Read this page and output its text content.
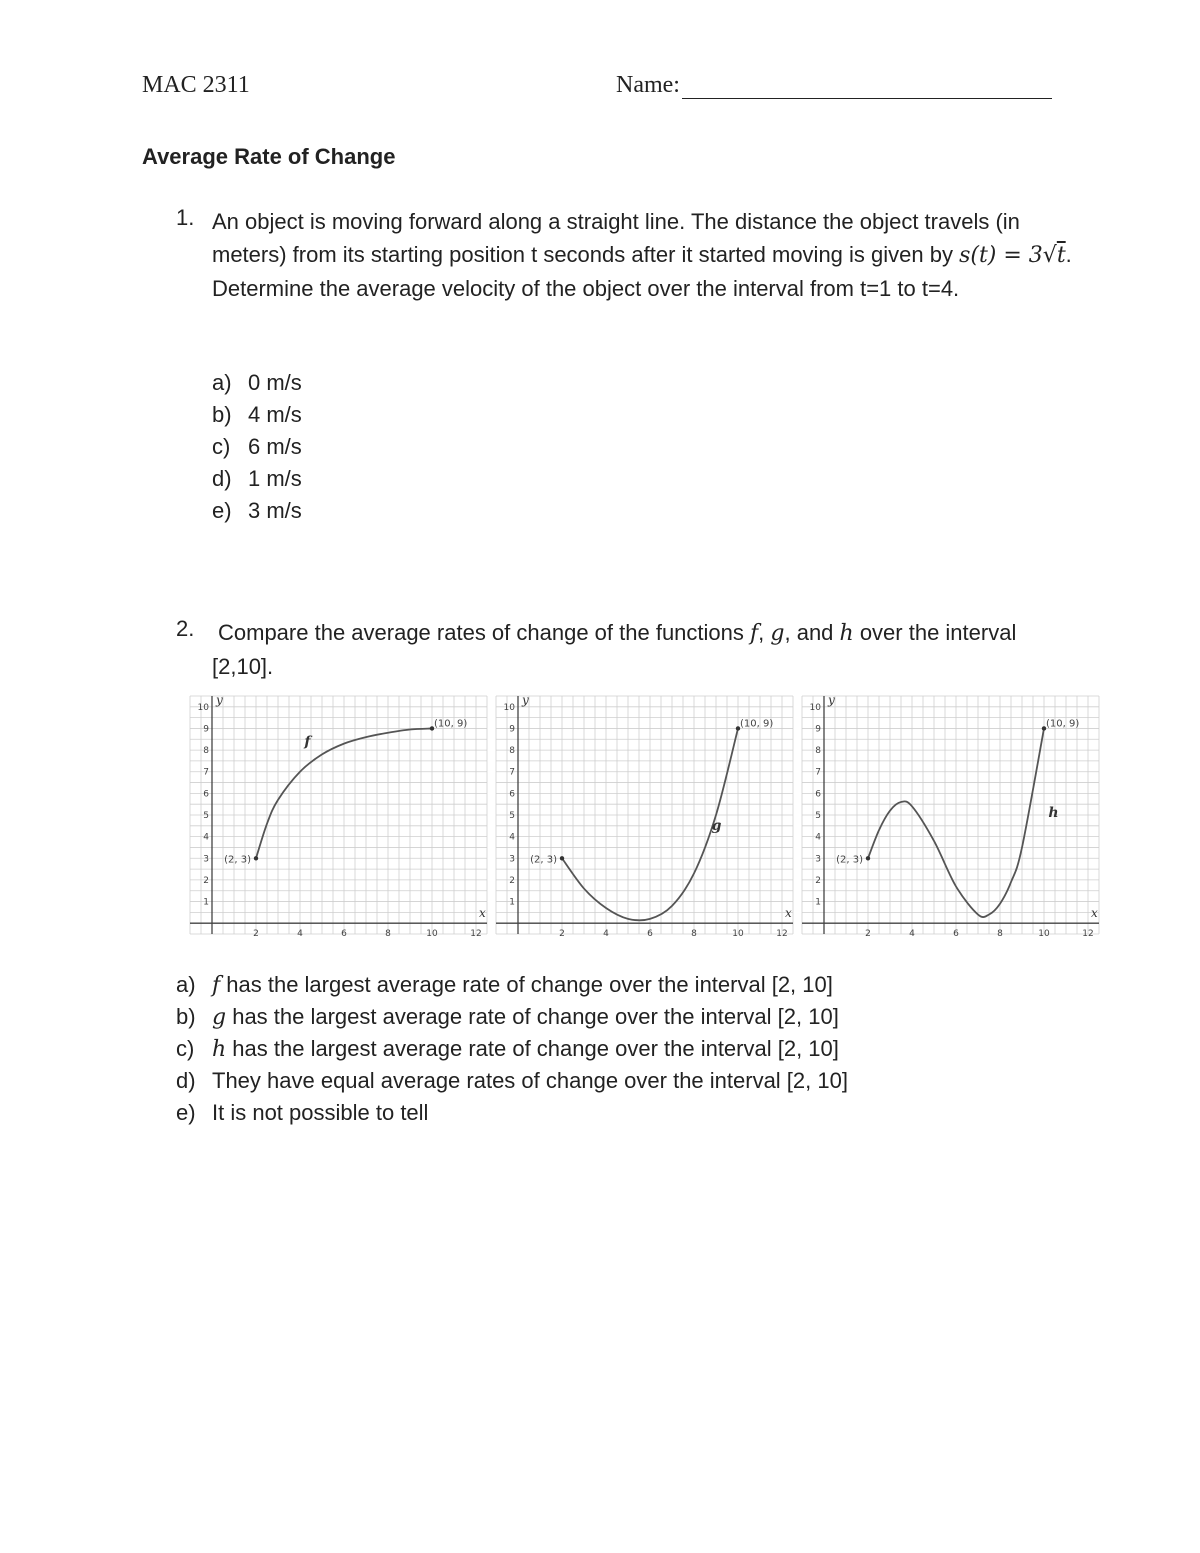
MAC 2311	Name:
Average Rate of Change
1. An object is moving forward along a straight line. The distance the object travels (in meters) from its starting position t seconds after it started moving is given by s(t) = 3√t. Determine the average velocity of the object over the interval from t=1 to t=4.
a) 0 m/s
b) 4 m/s
c) 6 m/s
d) 1 m/s
e) 3 m/s
2. Compare the average rates of change of the functions f, g, and h over the interval [2,10].
x
y
2	4	6	8	10	12
1
2
3
4
5
6
7
8
9
10
(2, 3)
(10, 9)
f
x
y
2	4	6	8	10	12
1
2
3
4
5
6
7
8
9
10
(2, 3)
(10, 9)
g
x
y
2	4	6	8	10	12
1
2
3
4
5
6
7
8
9
10
(2, 3)
(10, 9)
h
a) f has the largest average rate of change over the interval [2, 10]
b) g has the largest average rate of change over the interval [2, 10]
c) h has the largest average rate of change over the interval [2, 10]
d) They have equal average rates of change over the interval [2, 10]
e) It is not possible to tell
